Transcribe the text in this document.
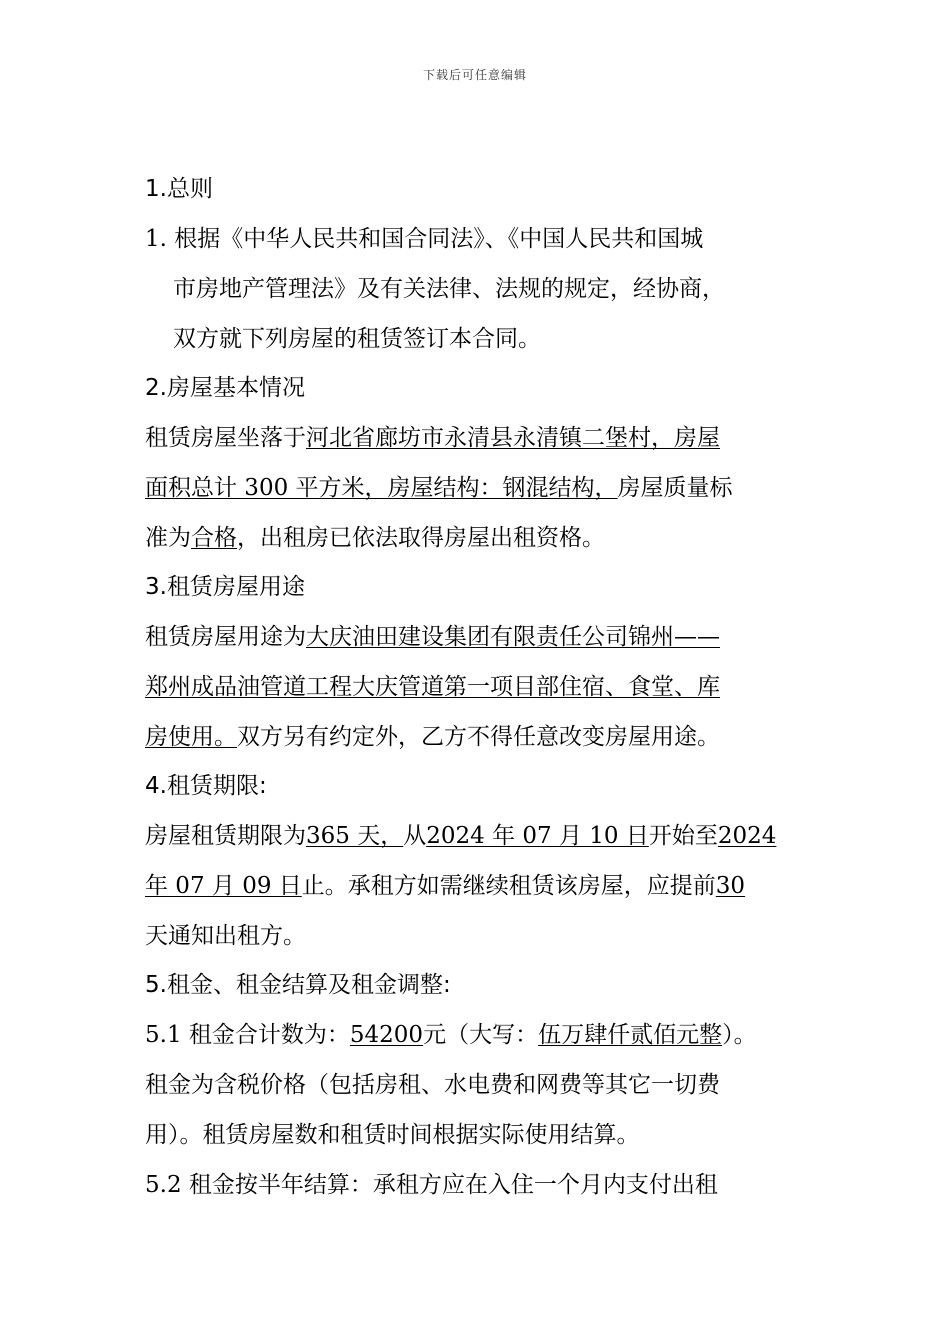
下载后可任意编辑
1.总则
1. 根据《中华人民共和国合同法》、《中国人民共和国城
市房地产管理法》及有关法律、法规的规定，经协商，
双方就下列房屋的租赁签订本合同。
2.房屋基本情况
租赁房屋坐落于河北省廊坊市永清县永清镇二堡村，房屋
面积总计 300 平方米，房屋结构：钢混结构，房屋质量标
准为合格，出租房已依法取得房屋出租资格。
3.租赁房屋用途
租赁房屋用途为大庆油田建设集团有限责任公司锦州——
郑州成品油管道工程大庆管道第一项目部住宿、食堂、库
房使用。双方另有约定外，乙方不得任意改变房屋用途。
4.租赁期限:
房屋租赁期限为365 天，从2024 年 07 月 10 日开始至2024
年 07 月 09 日止。承租方如需继续租赁该房屋，应提前30
天通知出租方。
5.租金、租金结算及租金调整:
5.1 租金合计数为：54200元（大写：伍万肆仟贰佰元整）。
租金为含税价格（包括房租、水电费和网费等其它一切费
用）。租赁房屋数和租赁时间根据实际使用结算。
5.2 租金按半年结算：承租方应在入住一个月内支付出租
